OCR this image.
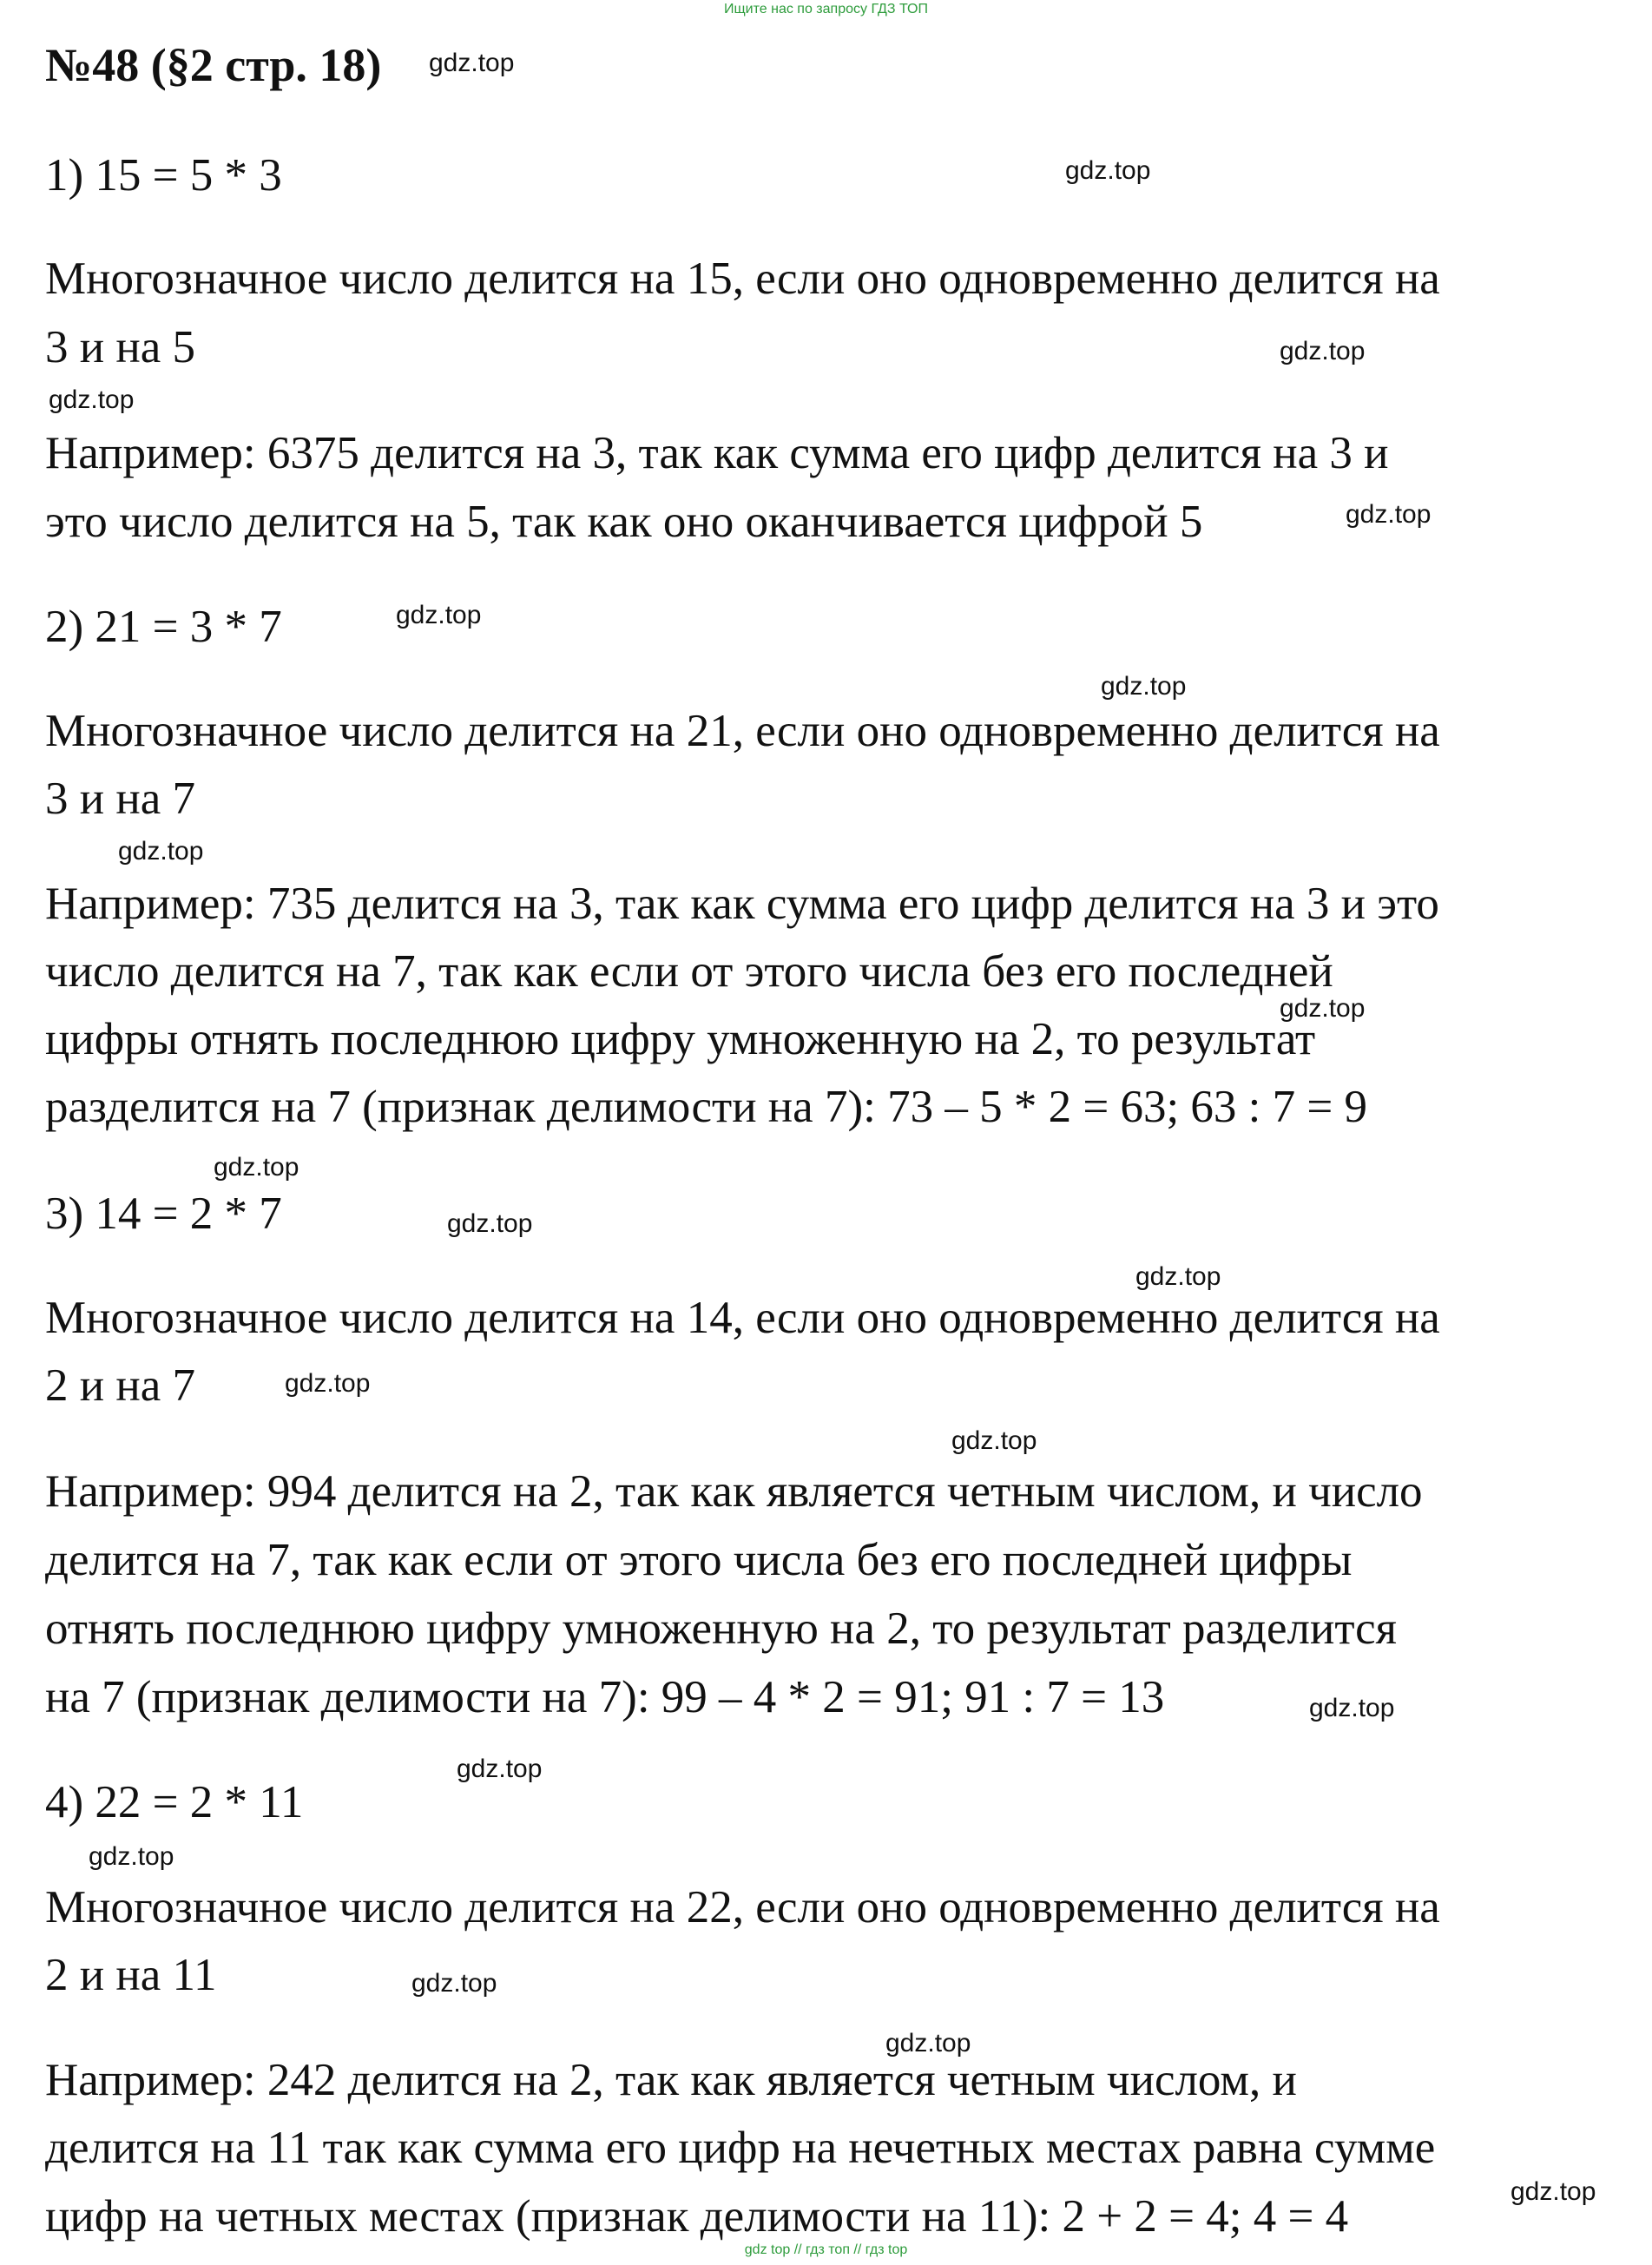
Ищите нас по запросу ГДЗ ТОП
№48 (§2 стр. 18)

1) 15 = 5 * 3

Многозначное число делится на 15, если оно одновременно делится на

3 и на 5

Например: 6375 делится на 3, так как сумма его цифр делится на 3 и

это число делится на 5, так как оно оканчивается цифрой 5

2) 21 = 3 * 7

Многозначное число делится на 21, если оно одновременно делится на

3 и на 7

Например: 735 делится на 3, так как сумма его цифр делится на 3 и это

число делится на 7, так как если от этого числа без его последней

цифры отнять последнюю цифру умноженную на 2, то результат

разделится на 7 (признак делимости на 7): 73 – 5 * 2 = 63; 63 : 7 = 9

3) 14 = 2 * 7

Многозначное число делится на 14, если оно одновременно делится на

2 и на 7

Например: 994 делится на 2, так как является четным числом, и число

делится на 7, так как если от этого числа без его последней цифры

отнять последнюю цифру умноженную на 2, то результат разделится

на 7 (признак делимости на 7): 99 – 4 * 2 = 91; 91 : 7 = 13

4) 22 = 2 * 11

Многозначное число делится на 22, если оно одновременно делится на

2 и на 11

Например: 242 делится на 2, так как является четным числом, и

делится на 11 так как сумма его цифр на нечетных местах равна сумме

цифр на четных местах (признак делимости на 11): 2 + 2 = 4; 4 = 4

gdz.top
gdz.top
gdz.top
gdz.top
gdz.top
gdz.top
gdz.top
gdz.top
gdz.top
gdz.top
gdz.top
gdz.top
gdz.top
gdz.top
gdz.top
gdz.top
gdz.top
gdz.top
gdz.top
gdz.top
gdz top // гдз топ // гдз top
